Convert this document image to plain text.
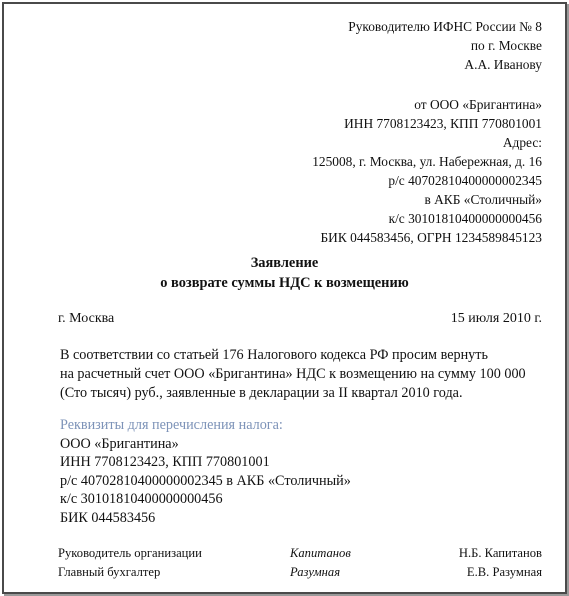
Руководителю ИФНС России № 8
по г. Москве
А.А. Иванову
от ООО «Бригантина»
ИНН 7708123423, КПП 770801001
Адрес:
125008, г. Москва, ул. Набережная, д. 16
р/с 40702810400000002345
в АКБ «Столичный»
к/с 30101810400000000456
БИК 044583456, ОГРН 1234589845123
Заявление
о возврате суммы НДС к возмещению
г. Москва	15 июля 2010 г.
В соответствии со статьей 176 Налогового кодекса РФ просим вернуть
на расчетный счет ООО «Бригантина» НДС к возмещению на сумму 100 000
(Сто тысяч) руб., заявленные в декларации за II квартал 2010 года.
Реквизиты для перечисления налога:
ООО «Бригантина»
ИНН 7708123423, КПП 770801001
р/с 40702810400000002345 в АКБ «Столичный»
к/с 30101810400000000456
БИК 044583456
Руководитель организации	Капитанов	Н.Б. Капитанов
Главный бухгалтер	Разумная	Е.В. Разумная
